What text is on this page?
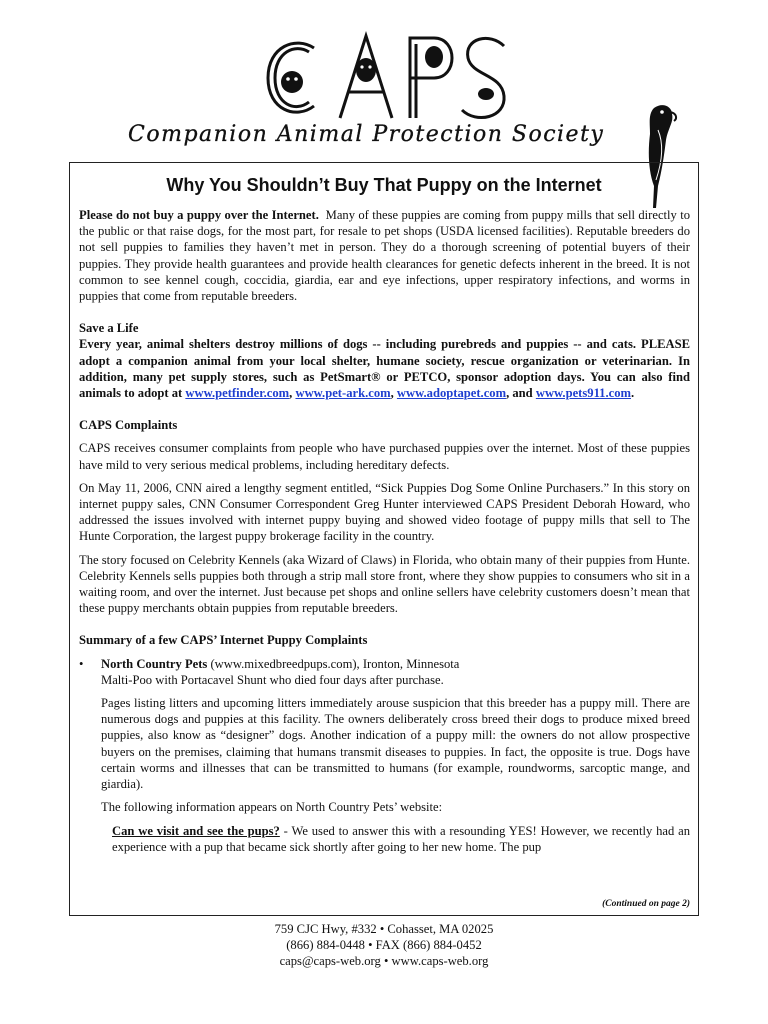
Companion Animal Protection Society
Why You Shouldn’t Buy That Puppy on the Internet

Please do not buy a puppy over the Internet. Many of these puppies are coming from puppy mills that sell directly to the public or that raise dogs, for the most part, for resale to pet shops (USDA licensed facilities). Reputable breeders do not sell puppies to families they haven’t met in person. They do a thorough screening of potential buyers of their puppies. They provide health guarantees and provide health clearances for genetic defects inherent in the breed. It is not common to see kennel cough, coccidia, giardia, ear and eye infections, upper respiratory infections, and worms in puppies that come from reputable breeders.

Save a Life

Every year, animal shelters destroy millions of dogs -- including purebreds and puppies -- and cats. PLEASE adopt a companion animal from your local shelter, humane society, rescue organization or veterinarian. In addition, many pet supply stores, such as PetSmart® or PETCO, sponsor adoption days. You can also find animals to adopt at www.petfinder.com, www.pet-ark.com, www.adoptapet.com, and www.pets911.com.

CAPS Complaints

CAPS receives consumer complaints from people who have purchased puppies over the internet. Most of these puppies have mild to very serious medical problems, including hereditary defects.

On May 11, 2006, CNN aired a lengthy segment entitled, “Sick Puppies Dog Some Online Purchasers.” In this story on internet puppy sales, CNN Consumer Correspondent Greg Hunter interviewed CAPS President Deborah Howard, who addressed the issues involved with internet puppy buying and showed video footage of puppy mills that sell to The Hunte Corporation, the largest puppy brokerage facility in the country.

The story focused on Celebrity Kennels (aka Wizard of Claws) in Florida, who obtain many of their puppies from Hunte. Celebrity Kennels sells puppies both through a strip mall store front, where they show puppies to consumers who sit in a waiting room, and over the internet. Just because pet shops and online sellers have celebrity customers doesn’t mean that these puppy merchants obtain puppies from reputable breeders.

Summary of a few CAPS’ Internet Puppy Complaints

•	North Country Pets (www.mixedbreedpups.com), Ironton, Minnesota

Malti-Poo with Portacavel Shunt who died four days after purchase.

Pages listing litters and upcoming litters immediately arouse suspicion that this breeder has a puppy mill. There are numerous dogs and puppies at this facility. The owners deliberately cross breed their dogs to produce mixed breed puppies, also know as “designer” dogs. Another indication of a puppy mill: the owners do not allow prospective buyers on the premises, claiming that humans transmit diseases to puppies. In fact, the opposite is true. Dogs have certain worms and illnesses that can be transmitted to humans (for example, roundworms, sarcoptic mange, and giardia).

The following information appears on North Country Pets’ website:

Can we visit and see the pups? - We used to answer this with a resounding YES! However, we recently had an experience with a pup that became sick shortly after going to her new home. The pup

(Continued on page 2)
759 CJC Hwy, #332 • Cohasset, MA 02025
(866) 884-0448 • FAX (866) 884-0452
caps@caps-web.org • www.caps-web.org
